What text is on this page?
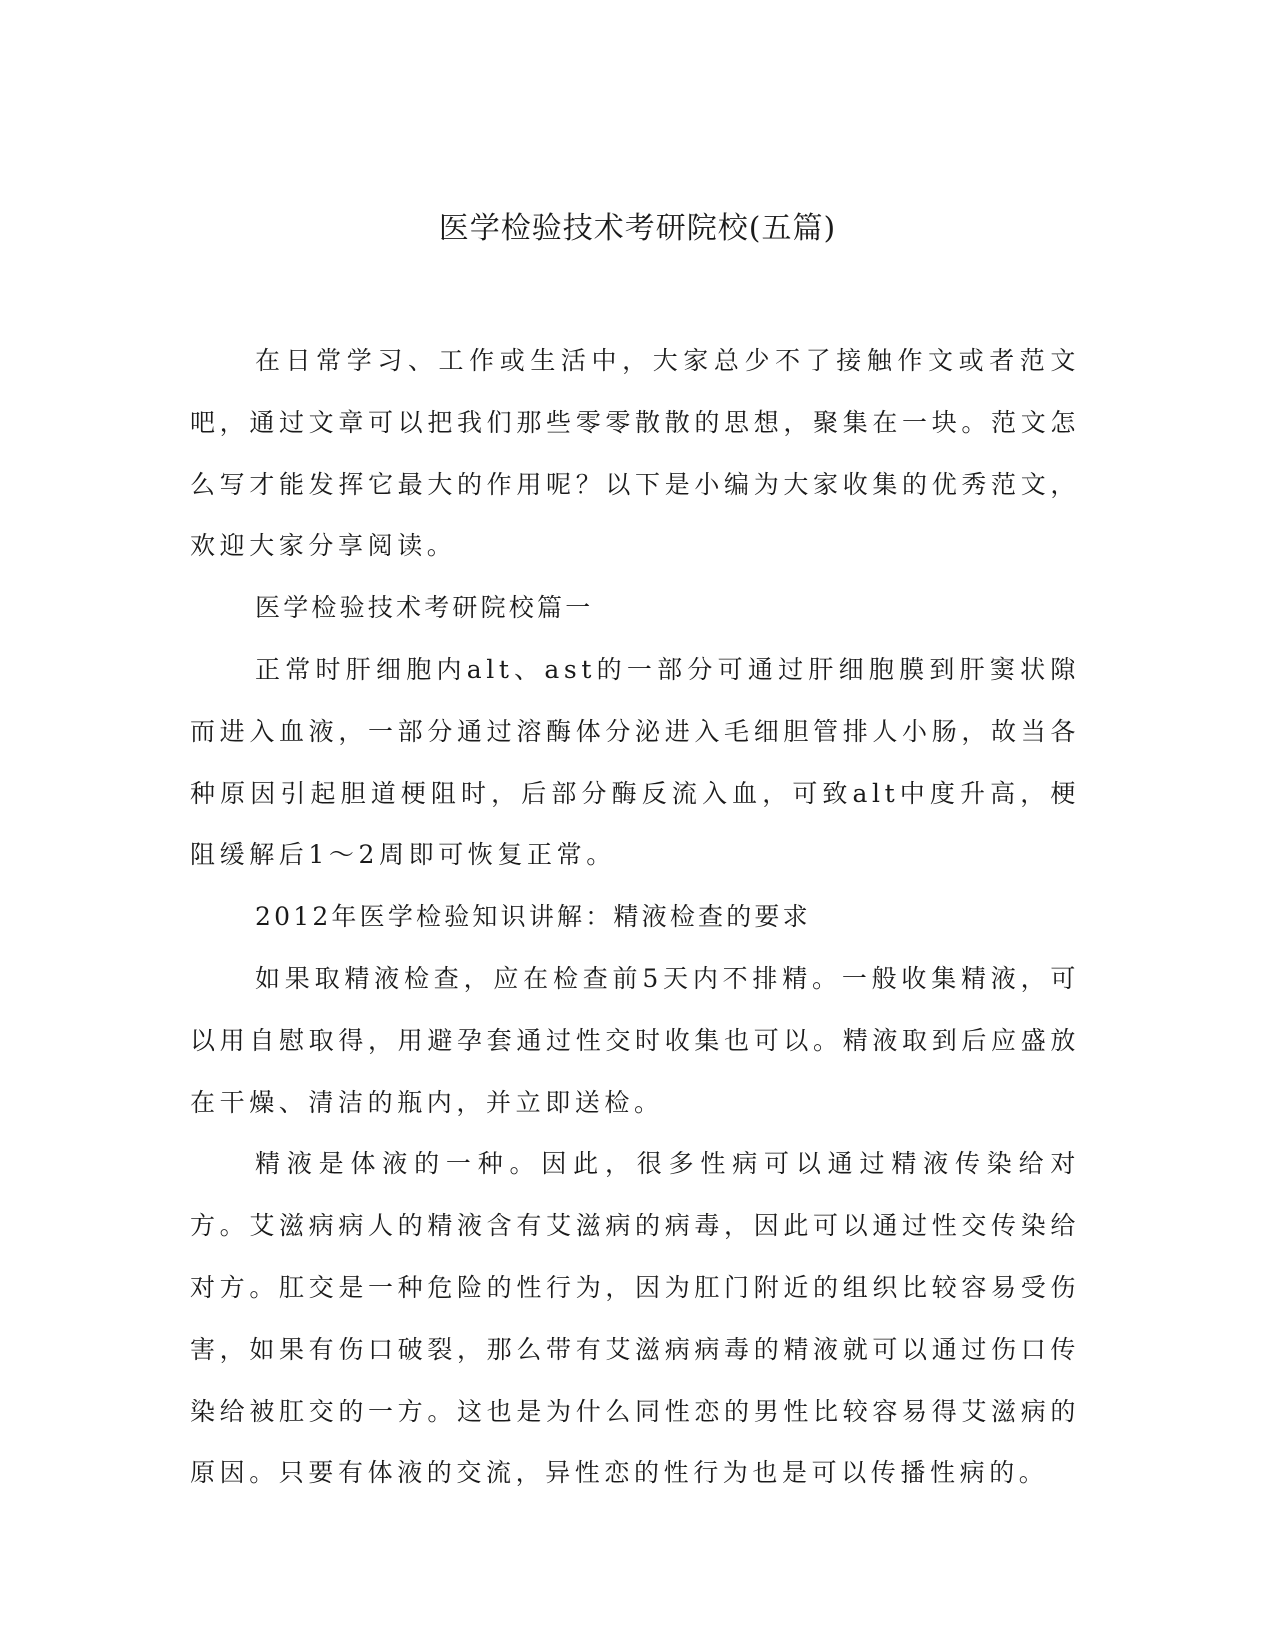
医学检验技术考研院校(五篇)

在日常学习、工作或生活中，大家总少不了接触作文或者范文吧，通过文章可以把我们那些零零散散的思想，聚集在一块。范文怎么写才能发挥它最大的作用呢？以下是小编为大家收集的优秀范文，欢迎大家分享阅读。

医学检验技术考研院校篇一

正常时肝细胞内alt、ast的一部分可通过肝细胞膜到肝窦状隙而进入血液，一部分通过溶酶体分泌进入毛细胆管排人小肠，故当各种原因引起胆道梗阻时，后部分酶反流入血，可致alt中度升高，梗阻缓解后1～2周即可恢复正常。

2012年医学检验知识讲解：精液检查的要求

如果取精液检查，应在检查前5天内不排精。一般收集精液，可以用自慰取得，用避孕套通过性交时收集也可以。精液取到后应盛放在干燥、清洁的瓶内，并立即送检。

精液是体液的一种。因此，很多性病可以通过精液传染给对方。艾滋病病人的精液含有艾滋病的病毒，因此可以通过性交传染给对方。肛交是一种危险的性行为，因为肛门附近的组织比较容易受伤害，如果有伤口破裂，那么带有艾滋病病毒的精液就可以通过伤口传染给被肛交的一方。这也是为什么同性恋的男性比较容易得艾滋病的原因。只要有体液的交流，异性恋的性行为也是可以传播性病的。
